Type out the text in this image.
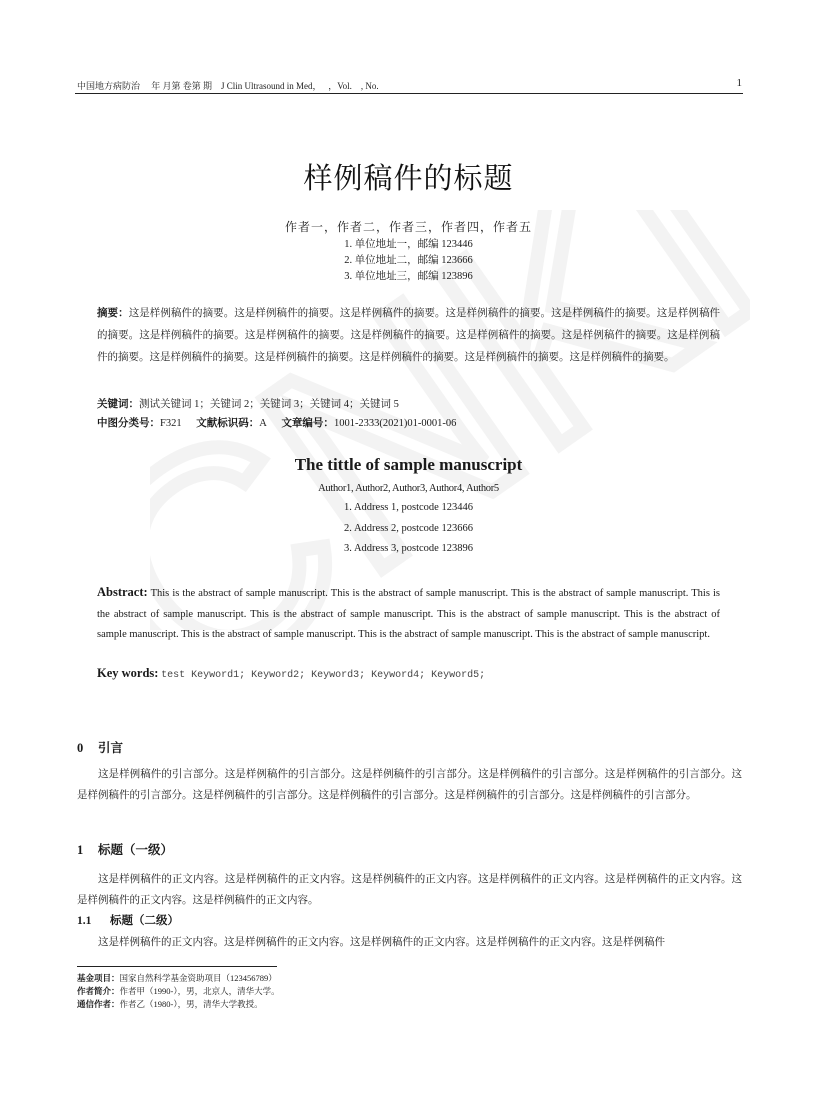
CNKI
中国地方病防治　 年 月第 卷第 期　J Clin Ultrasound in Med，　 ，Vol.　, No.	1
样例稿件的标题
作者一，作者二，作者三，作者四，作者五
1. 单位地址一，邮编 123446
2. 单位地址二，邮编 123666
3. 单位地址三，邮编 123896
摘要：这是样例稿件的摘要。这是样例稿件的摘要。这是样例稿件的摘要。这是样例稿件的摘要。这是样例稿件的摘要。这是样例稿件的摘要。这是样例稿件的摘要。这是样例稿件的摘要。这是样例稿件的摘要。这是样例稿件的摘要。这是样例稿件的摘要。这是样例稿件的摘要。这是样例稿件的摘要。这是样例稿件的摘要。这是样例稿件的摘要。这是样例稿件的摘要。这是样例稿件的摘要。
关键词：测试关键词 1；关键词 2；关键词 3；关键词 4；关键词 5
中图分类号：F321 文献标识码：A 文章编号：1001-2333(2021)01-0001-06
The tittle of sample manuscript
Author1, Author2, Author3, Author4, Author5
1. Address 1, postcode 123446
2. Address 2, postcode 123666
3. Address 3, postcode 123896
Abstract: This is the abstract of sample manuscript. This is the abstract of sample manuscript. This is the abstract of sample manuscript. This is the abstract of sample manuscript. This is the abstract of sample manuscript. This is the abstract of sample manuscript. This is the abstract of sample manuscript. This is the abstract of sample manuscript. This is the abstract of sample manuscript. This is the abstract of sample manuscript.
Key words: test Keyword1; Keyword2; Keyword3; Keyword4; Keyword5;
0 引言
这是样例稿件的引言部分。这是样例稿件的引言部分。这是样例稿件的引言部分。这是样例稿件的引言部分。这是样例稿件的引言部分。这是样例稿件的引言部分。这是样例稿件的引言部分。这是样例稿件的引言部分。这是样例稿件的引言部分。这是样例稿件的引言部分。
1 标题（一级）
这是样例稿件的正文内容。这是样例稿件的正文内容。这是样例稿件的正文内容。这是样例稿件的正文内容。这是样例稿件的正文内容。这是样例稿件的正文内容。这是样例稿件的正文内容。
1.1 标题（二级）
这是样例稿件的正文内容。这是样例稿件的正文内容。这是样例稿件的正文内容。这是样例稿件的正文内容。这是样例稿件
基金项目：国家自然科学基金资助项目（123456789）
作者简介：作者甲（1990-），男，北京人，清华大学。
通信作者：作者乙（1980-），男，清华大学教授。
